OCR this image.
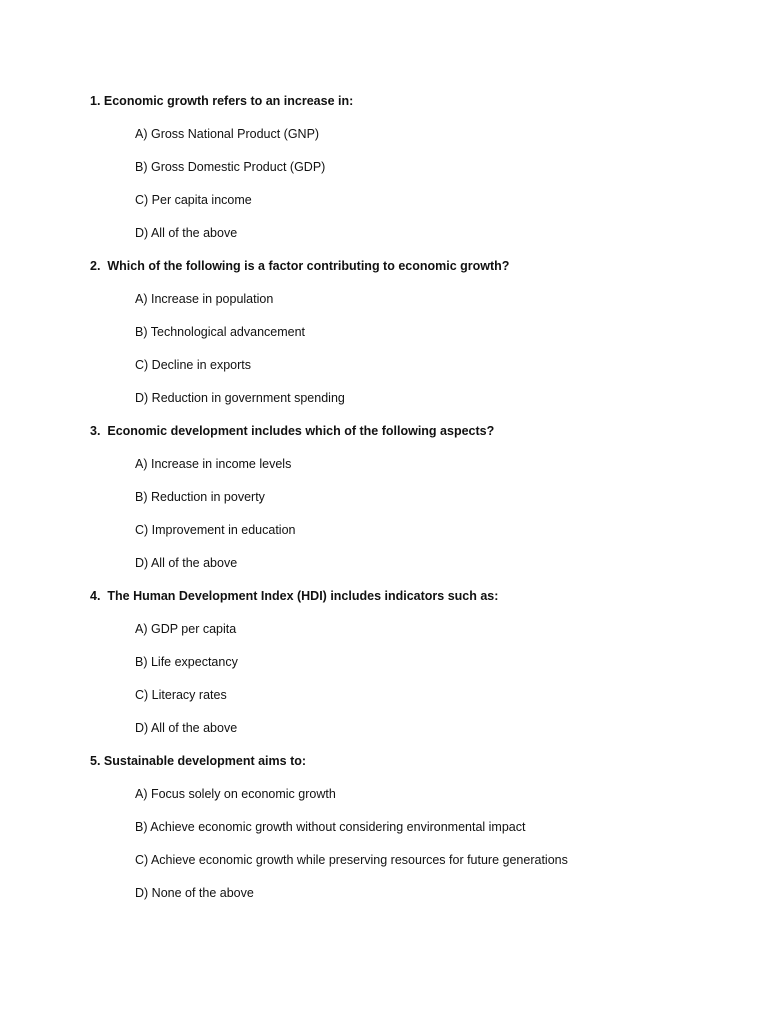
1. Economic growth refers to an increase in:
A) Gross National Product (GNP)
B) Gross Domestic Product (GDP)
C) Per capita income
D) All of the above
2.  Which of the following is a factor contributing to economic growth?
A) Increase in population
B) Technological advancement
C) Decline in exports
D) Reduction in government spending
3.  Economic development includes which of the following aspects?
A) Increase in income levels
B) Reduction in poverty
C) Improvement in education
D) All of the above
4.  The Human Development Index (HDI) includes indicators such as:
A) GDP per capita
B) Life expectancy
C) Literacy rates
D) All of the above
5. Sustainable development aims to:
A) Focus solely on economic growth
B) Achieve economic growth without considering environmental impact
C) Achieve economic growth while preserving resources for future generations
D) None of the above
